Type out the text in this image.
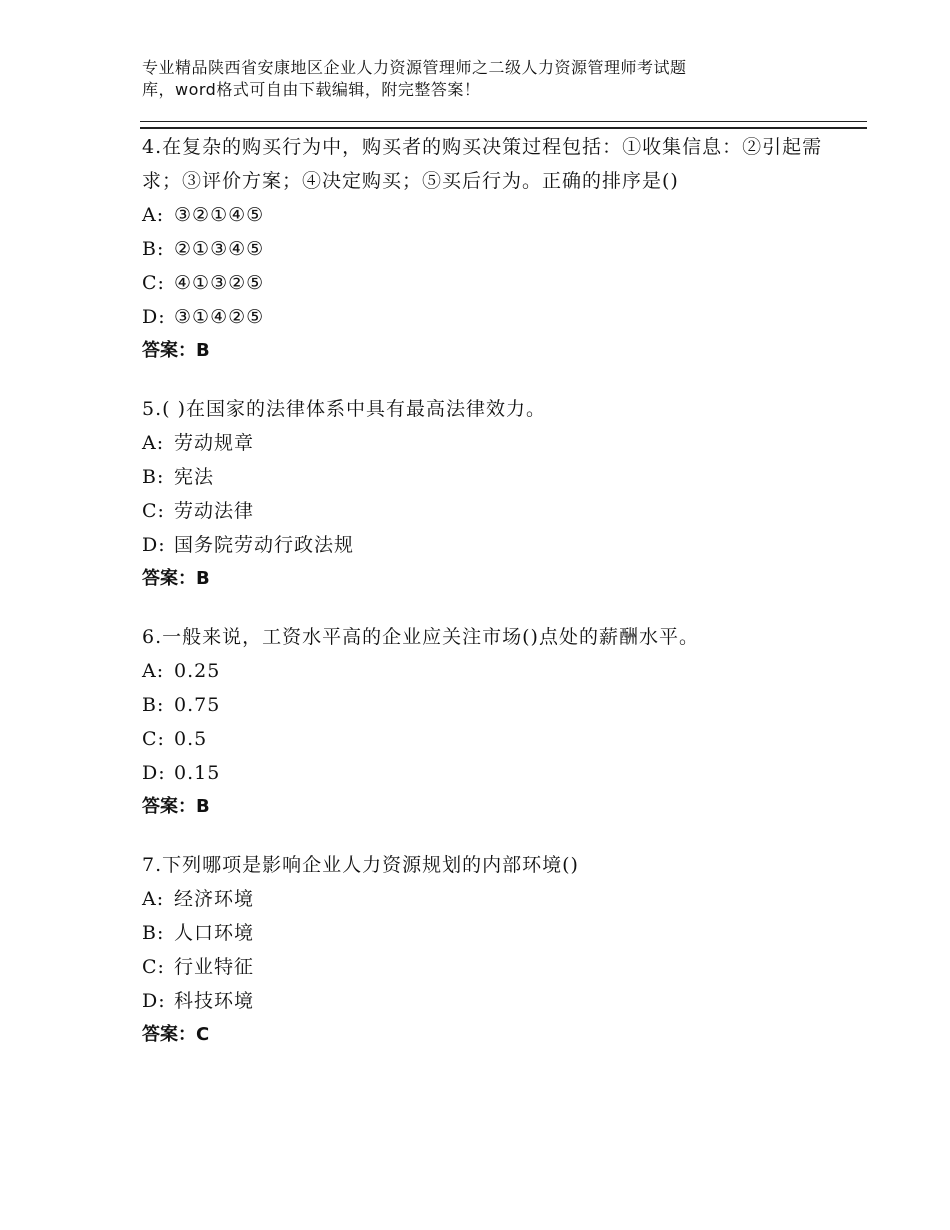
专业精品陕西省安康地区企业人力资源管理师之二级人力资源管理师考试题
库，word格式可自由下载编辑，附完整答案！

4.在复杂的购买行为中，购买者的购买决策过程包括：①收集信息：②引起需求；③评价方案；④决定购买；⑤买后行为。正确的排序是()

A: ③②①④⑤
B: ②①③④⑤
C: ④①③②⑤
D: ③①④②⑤
答案：B

5.( )在国家的法律体系中具有最高法律效力。

A: 劳动规章
B: 宪法
C: 劳动法律
D: 国务院劳动行政法规
答案：B

6.一般来说，工资水平高的企业应关注市场()点处的薪酬水平。

A: 0.25
B: 0.75
C: 0.5
D: 0.15
答案：B

7.下列哪项是影响企业人力资源规划的内部环境()

A: 经济环境
B: 人口环境
C: 行业特征
D: 科技环境
答案：C
